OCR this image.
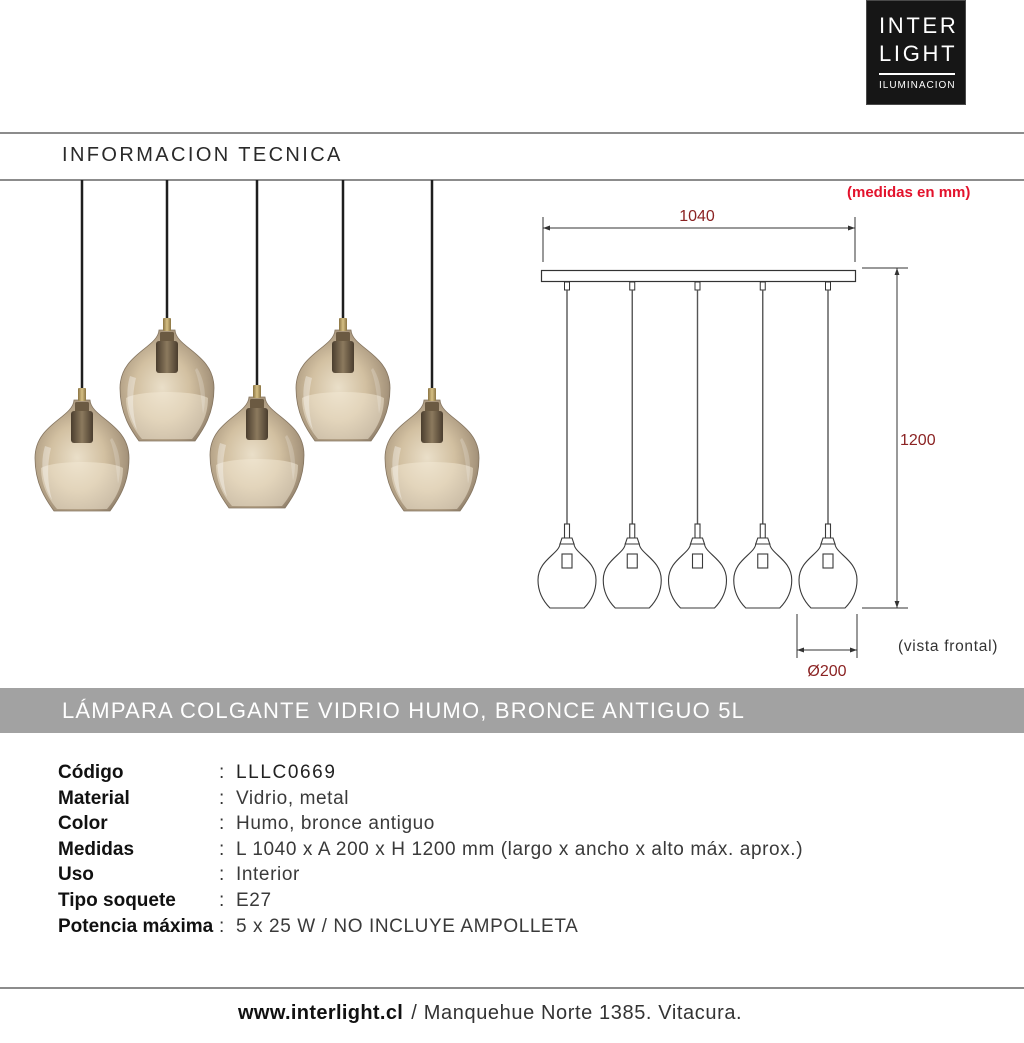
INTER
LIGHT
ILUMINACION
INFORMACION TECNICA
(medidas en mm)
1040
1200
Ø200
(vista frontal)
LÁMPARA COLGANTE VIDRIO HUMO, BRONCE ANTIGUO 5L
Código	: LLLC0669
Material	: Vidrio, metal
Color	: Humo, bronce antiguo
Medidas	: L 1040 x A 200 x H 1200 mm (largo x ancho x alto máx. aprox.)
Uso	: Interior
Tipo soquete	: E27
Potencia máxima : 5 x 25 W / NO INCLUYE AMPOLLETA
www.interlight.cl / Manquehue Norte 1385. Vitacura.
